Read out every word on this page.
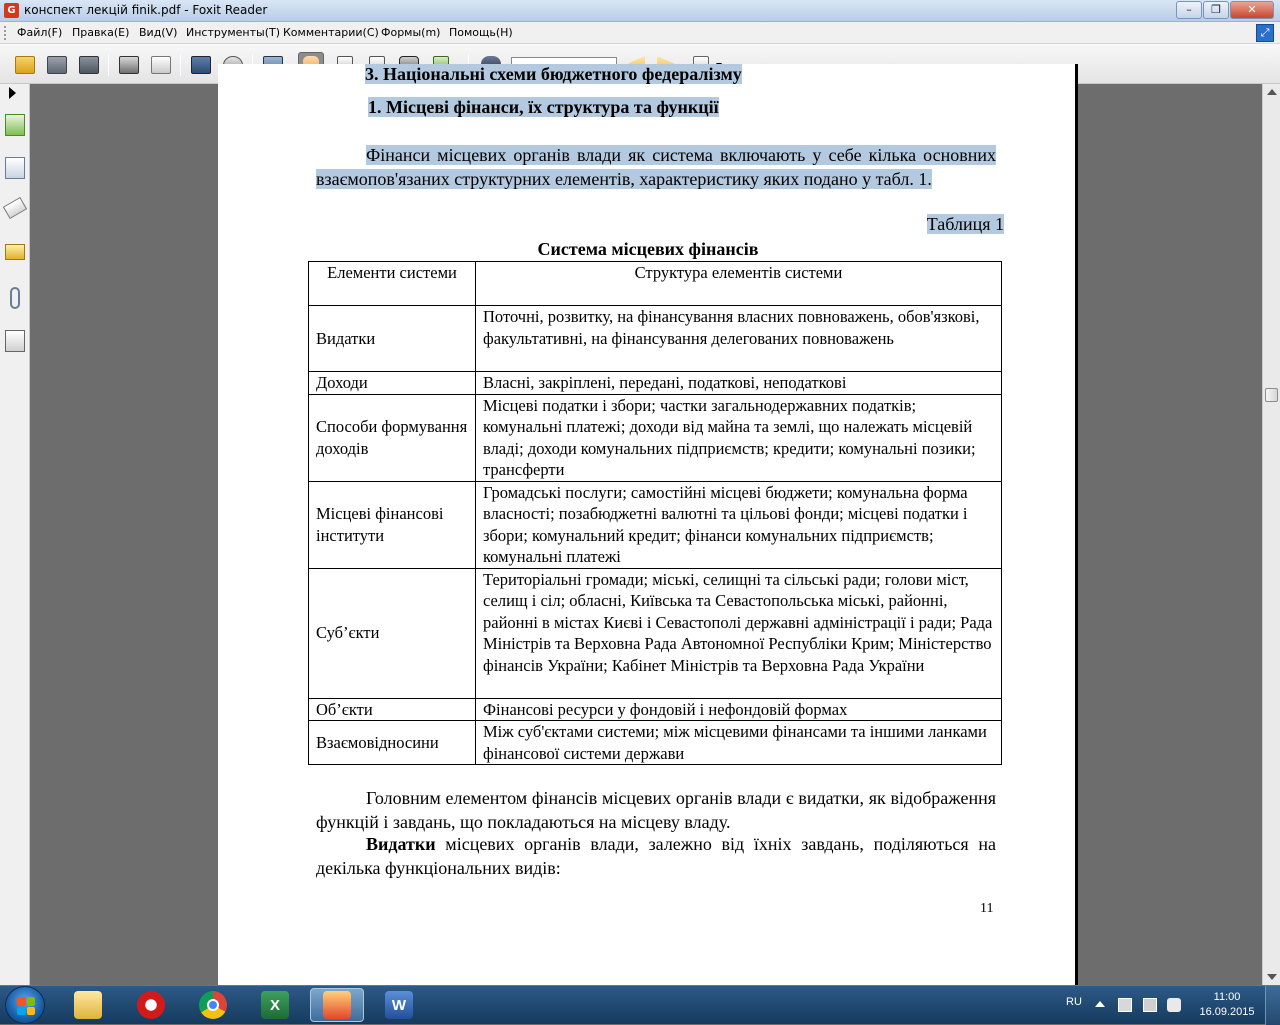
G конспект лекцій finik.pdf - Foxit Reader	–	❐	✕
Файл(F) Правка(E) Вид(V) Инструменты(T) Комментарии(C) Формы(m) Помощь(H)	⤢
3. Національні схеми бюджетного федералізму
1. Місцеві фінанси, їх структура та функції
Фінанси місцевих органів влади як система включають у себе кілька основних взаємопов'язаних структурних елементів, характеристику яких подано у табл. 1.
Таблиця 1
Система місцевих фінансів
Елементи системи	Структура елементів системи
Видатки	Поточні, розвитку, на фінансування власних повноважень, обов'язкові, факультативні, на фінансування делегованих повноважень
Доходи	Власні, закріплені, передані, податкові, неподаткові
Способи формування доходів	Місцеві податки і збори; частки загальнодержавних податків; комунальні платежі; доходи від майна та землі, що належать місцевій владі; доходи комунальних підприємств; кредити; комунальні позики; трансферти
Місцеві фінансові інститути	Громадські послуги; самостійні місцеві бюджети; комунальна форма власності; позабюджетні валютні та цільові фонди; місцеві податки і збори; комунальний кредит; фінанси комунальних підприємств; комунальні платежі
Суб’єкти	Територіальні громади; міські, селищні та сільські ради; голови міст, селищ і сіл; обласні, Київська та Севастопольська міські, районні, районні в містах Києві і Севастополі державні адміністрації і ради; Рада Міністрів та Верховна Рада Автономної Республіки Крим; Міністерство фінансів України; Кабінет Міністрів та Верховна Рада України
Об’єкти	Фінансові ресурси у фондовій і нефондовій формах
Взаємовідносини	Між суб'єктами системи; між місцевими фінансами та іншими ланками фінансової системи держави
Головним елементом фінансів місцевих органів влади є видатки, як відображення функцій і завдань, що покладаються на місцеву владу.
Видатки місцевих органів влади, залежно від їхніх завдань, поділяються на декілька функціональних видів:
11
X	W	RU	11:00
16.09.2015
